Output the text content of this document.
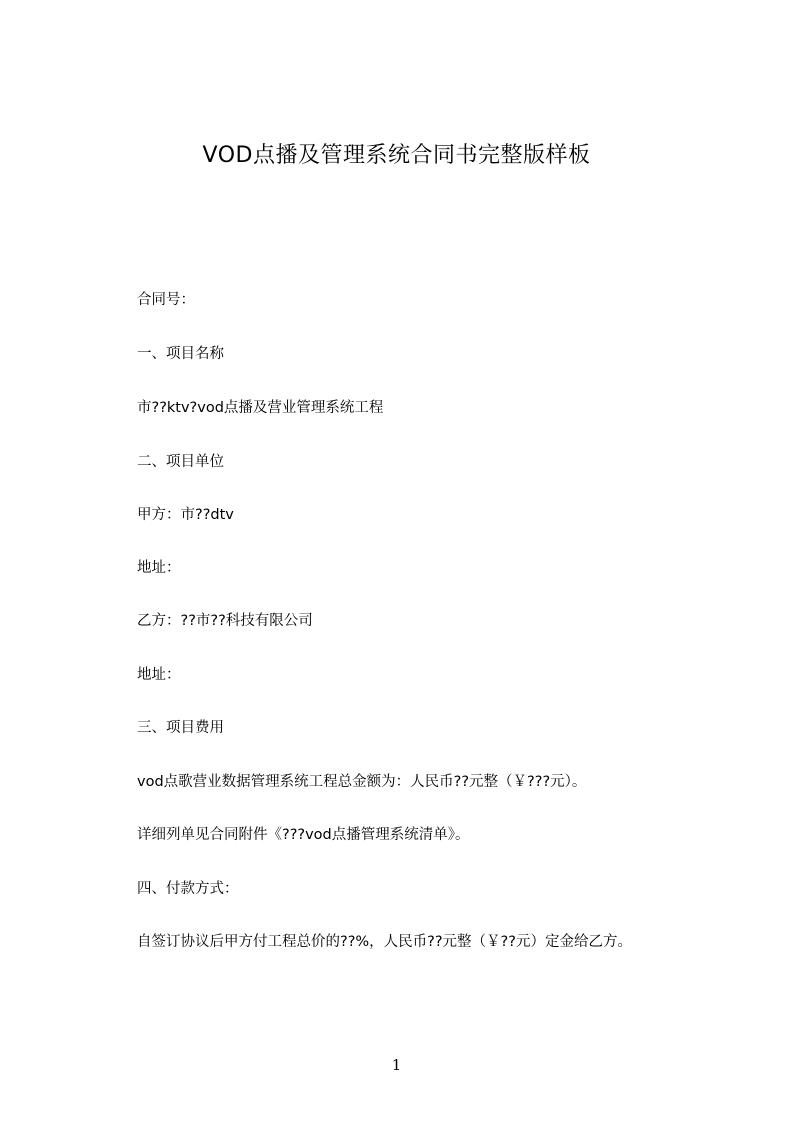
VOD点播及管理系统合同书完整版样板
合同号：
一、项目名称
市??ktv?vod点播及营业管理系统工程
二、项目单位
甲方：市??dtv
地址：
乙方：??市??科技有限公司
地址：
三、项目费用
vod点歌营业数据管理系统工程总金额为：人民币??元整（￥???元）。
详细列单见合同附件《???vod点播管理系统清单》。
四、付款方式：
自签订协议后甲方付工程总价的??%，人民币??元整（￥??元）定金给乙方。
1
